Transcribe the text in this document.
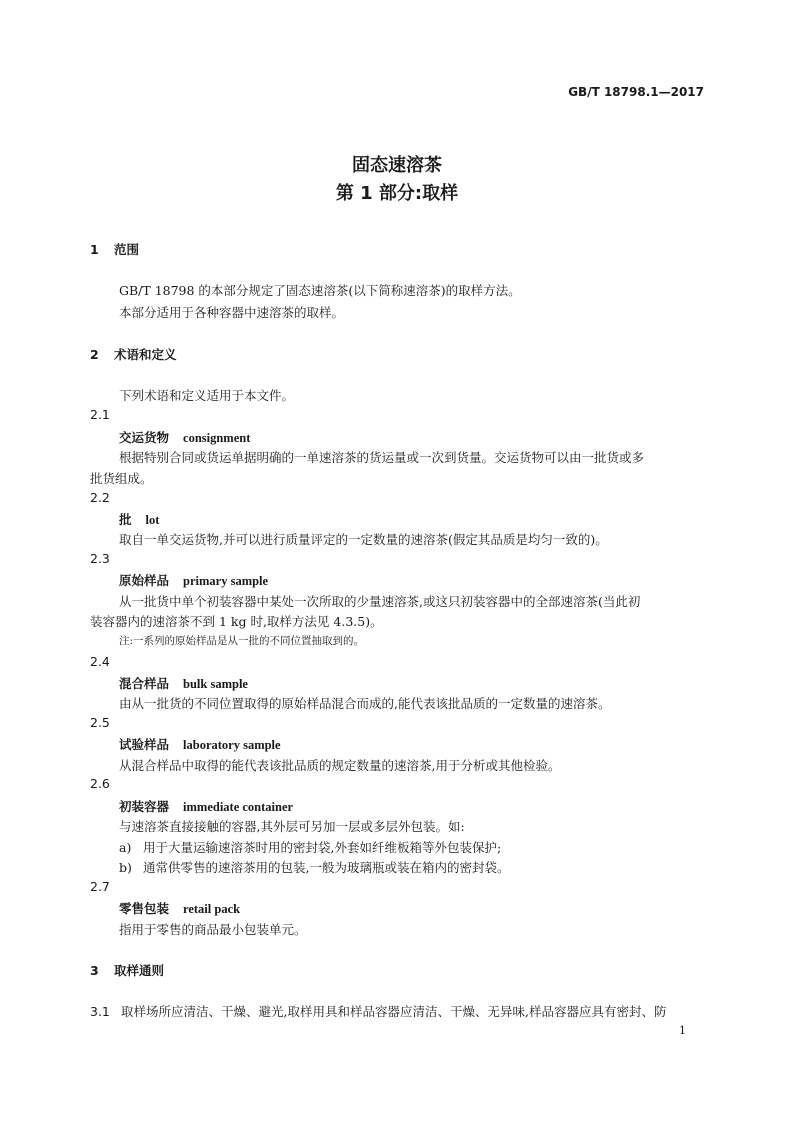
GB/T 18798.1—2017
固态速溶茶
第 1 部分:取样
1 范围
GB/T 18798 的本部分规定了固态速溶茶(以下简称速溶茶)的取样方法。
本部分适用于各种容器中速溶茶的取样。
2 术语和定义
下列术语和定义适用于本文件。
2.1
交运货物 consignment
根据特别合同或货运单据明确的一单速溶茶的货运量或一次到货量。交运货物可以由一批货或多
批货组成。
2.2
批 lot
取自一单交运货物,并可以进行质量评定的一定数量的速溶茶(假定其品质是均匀一致的)。
2.3
原始样品 primary sample
从一批货中单个初装容器中某处一次所取的少量速溶茶,或这只初装容器中的全部速溶茶(当此初
装容器内的速溶茶不到 1 kg 时,取样方法见 4.3.5)。
注:一系列的原始样品是从一批的不同位置抽取到的。
2.4
混合样品 bulk sample
由从一批货的不同位置取得的原始样品混合而成的,能代表该批品质的一定数量的速溶茶。
2.5
试验样品 laboratory sample
从混合样品中取得的能代表该批品质的规定数量的速溶茶,用于分析或其他检验。
2.6
初装容器 immediate container
与速溶茶直接接触的容器,其外层可另加一层或多层外包装。如:
a) 用于大量运输速溶茶时用的密封袋,外套如纤维板箱等外包装保护;
b) 通常供零售的速溶茶用的包装,一般为玻璃瓶或装在箱内的密封袋。
2.7
零售包装 retail pack
指用于零售的商品最小包装单元。
3 取样通则
3.1 取样场所应清洁、干燥、避光,取样用具和样品容器应清洁、干燥、无异味,样品容器应具有密封、防
1
